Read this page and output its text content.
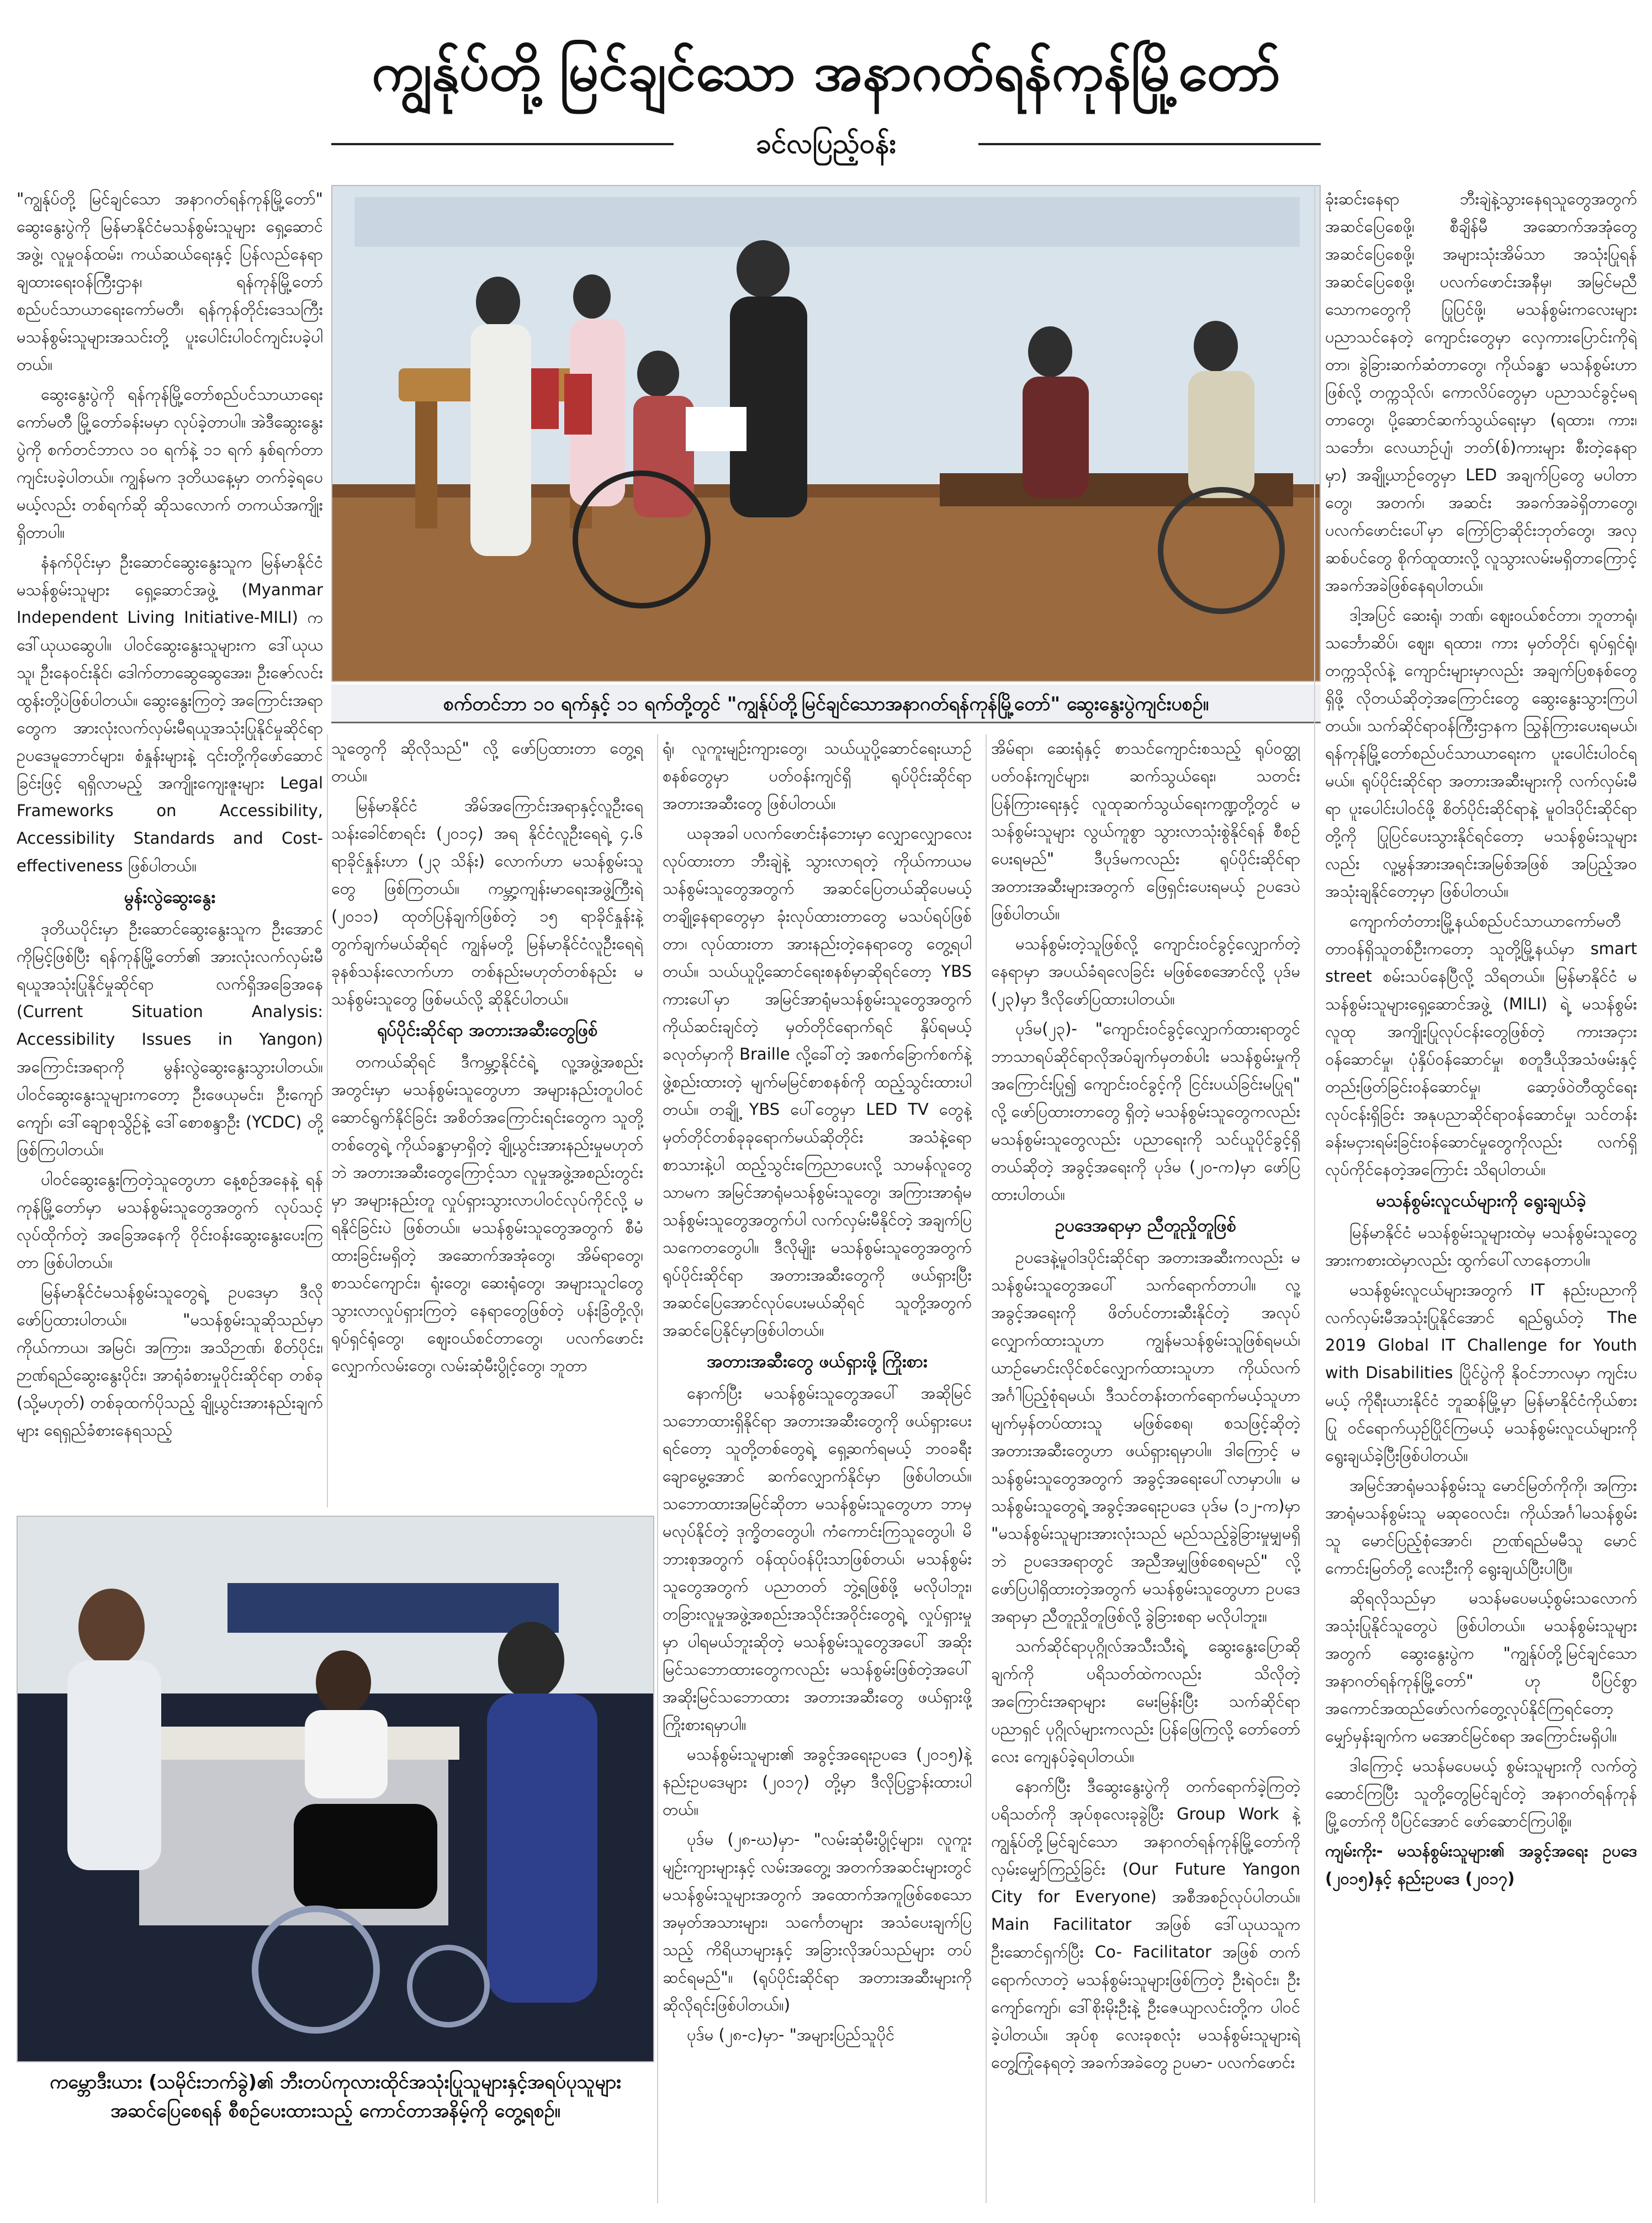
ကျွန်ုပ်တို့ မြင်ချင်သော အနာဂတ်ရန်ကုန်မြို့တော်
ခင်လပြည့်ဝန်း
စက်တင်ဘာ ၁၀ ရက်နှင့် ၁၁ ရက်တို့တွင် "ကျွန်ုပ်တို့မြင်ချင်သောအနာဂတ်ရန်ကုန်မြို့တော်" ဆွေးနွေးပွဲကျင်းပစဉ်။
ကမ္ဘောဒီးယား (သမိုင်းဘက်ခွဲ)၏ ဘီးတပ်ကုလားထိုင်အသုံးပြုသူများနှင့်အရပ်ပုသူများ အဆင်ပြေစေရန် စီစဉ်ပေးထားသည့် ကောင်တာအနိမ့်ကို တွေ့ရစဉ်။

"ကျွန်ုပ်တို့ မြင်ချင်သော အနာဂတ်ရန်ကုန်မြို့တော်" ဆွေးနွေးပွဲကို မြန်မာနိုင်ငံမသန်စွမ်းသူများ ရှေ့ဆောင်အဖွဲ့၊ လူမှုဝန်ထမ်း၊ ကယ်ဆယ်ရေးနှင့် ပြန်လည်နေရာချထားရေးဝန်ကြီးဌာန၊ ရန်ကုန်မြို့တော် စည်ပင်သာယာရေးကော်မတီ၊ ရန်ကုန်တိုင်းဒေသကြီး မသန်စွမ်းသူများအသင်းတို့ ပူးပေါင်းပါဝင်ကျင်းပခဲ့ပါတယ်။

ဆွေးနွေးပွဲကို ရန်ကုန်မြို့တော်စည်ပင်သာယာရေးကော်မတီ မြို့တော်ခန်းမမှာ လုပ်ခဲ့တာပါ။ အဲဒီဆွေးနွေးပွဲကို စက်တင်ဘာလ ၁၀ ရက်နဲ့ ၁၁ ရက် နှစ်ရက်တာ ကျင်းပခဲ့ပါတယ်။ ကျွန်မက ဒုတိယနေ့မှာ တက်ခဲ့ရပေမယ့်လည်း တစ်ရက်ဆို ဆိုသလောက် တကယ်အကျိုးရှိတာပါ။

နံနက်ပိုင်းမှာ ဦးဆောင်ဆွေးနွေးသူက မြန်မာနိုင်ငံမသန်စွမ်းသူများ ရှေ့ဆောင်အဖွဲ့ (Myanmar Independent Living Initiative-MILI) က ဒေါ်ယုယဆွေပါ။ ပါဝင်ဆွေးနွေးသူများက ဒေါ်ယုယသူ၊ ဦးနေဝင်းနိုင်၊ ဒေါက်တာဆွေဆွေအေး၊ ဦးဇော်လင်းထွန်းတို့ပဲဖြစ်ပါတယ်။ ဆွေးနွေးကြတဲ့ အကြောင်းအရာတွေက အားလုံးလက်လှမ်းမီရယူအသုံးပြုနိုင်မှုဆိုင်ရာ ဥပဒေမူဘောင်များ၊ စံနှုန်းများနဲ့ ၎င်းတို့ကိုဖော်ဆောင်ခြင်းဖြင့် ရရှိလာမည့် အကျိုးကျေးဇူးများ Legal Frameworks on Accessibility, Accessibility Standards and Cost- effectiveness ဖြစ်ပါတယ်။

မွန်းလွဲဆွေးနွေး

ဒုတိယပိုင်းမှာ ဦးဆောင်ဆွေးနွေးသူက ဦးအောင်ကိုမြင့်ဖြစ်ပြီး ရန်ကုန်မြို့တော်၏ အားလုံးလက်လှမ်းမီရယူအသုံးပြုနိုင်မှုဆိုင်ရာ လက်ရှိအခြေအနေ (Current Situation Analysis: Accessibility Issues in Yangon) အကြောင်းအရာကို မွန်းလွဲဆွေးနွေးသွားပါတယ်။ ပါဝင်ဆွေးနွေးသူများကတော့ ဦးဖေယုမင်း၊ ဦးကျော်ကျော်၊ ဒေါ်ချောစုသွိဉ်နဲ့ ဒေါ်စောစန္ဒာဦး (YCDC) တို့ ဖြစ်ကြပါတယ်။

ပါဝင်ဆွေးနွေးကြတဲ့သူတွေဟာ နေ့စဉ်အနေနဲ့ ရန်ကုန်မြို့တော်မှာ မသန်စွမ်းသူတွေအတွက် လုပ်သင့်လုပ်ထိုက်တဲ့ အခြေအနေကို ဝိုင်းဝန်းဆွေးနွေးပေးကြတာ ဖြစ်ပါတယ်။

မြန်မာနိုင်ငံမသန်စွမ်းသူတွေရဲ့ ဥပဒေမှာ ဒီလိုဖော်ပြထားပါတယ်။ "မသန်စွမ်းသူဆိုသည်မှာ ကိုယ်ကာယ၊ အမြင်၊ အကြား၊ အသိဉာဏ်၊ စိတ်ပိုင်း၊ ဉာဏ်ရည်ဆွေးနွေးပိုင်း၊ အာရုံခံစားမှုပိုင်းဆိုင်ရာ တစ်ခု (သို့မဟုတ်) တစ်ခုထက်ပိုသည့် ချို့ယွင်းအားနည်းချက်များ ရေရှည်ခံစားနေရသည့်

သူတွေကို ဆိုလိုသည်" လို့ ဖော်ပြထားတာ တွေ့ရတယ်။

မြန်မာနိုင်ငံ အိမ်အကြောင်းအရာနှင့်လူဦးရေ သန်းခေါင်စာရင်း (၂၀၁၄) အရ နိုင်ငံလူဦးရေရဲ့ ၄.၆ ရာခိုင်နှုန်းဟာ (၂၃ သိန်း) လောက်ဟာ မသန်စွမ်းသူတွေ ဖြစ်ကြတယ်။ ကမ္ဘာ့ကျန်းမာရေးအဖွဲ့ကြီးရဲ့ (၂၀၁၁) ထုတ်ပြန်ချက်ဖြစ်တဲ့ ၁၅ ရာခိုင်နှုန်းနဲ့ တွက်ချက်မယ်ဆိုရင် ကျွန်မတို့ မြန်မာနိုင်ငံလူဦးရေရဲ့ ခုနစ်သန်းလောက်ဟာ တစ်နည်းမဟုတ်တစ်နည်း မသန်စွမ်းသူတွေ ဖြစ်မယ်လို့ ဆိုနိုင်ပါတယ်။

ရုပ်ပိုင်းဆိုင်ရာ အတားအဆီးတွေဖြစ်

တကယ်ဆိုရင် ဒီကမ္ဘာ့နိုင်ငံရဲ့ လူ့အဖွဲ့အစည်းအတွင်းမှာ မသန်စွမ်းသူတွေဟာ အများနည်းတူပါဝင်ဆောင်ရွက်နိုင်ခြင်း အစိတ်အကြောင်းရင်းတွေက သူတို့တစ်တွေရဲ့ ကိုယ်ခန္ဓာမှာရှိတဲ့ ချို့ယွင်းအားနည်းမှုမဟုတ်ဘဲ အတားအဆီးတွေကြောင့်သာ လူမှုအဖွဲ့အစည်းတွင်းမှာ အများနည်းတူ လှုပ်ရှားသွားလာပါဝင်လုပ်ကိုင်လို့ မရနိုင်ခြင်းပဲ ဖြစ်တယ်။ မသန်စွမ်းသူတွေအတွက် စီမံထားခြင်းမရှိတဲ့ အဆောက်အအုံတွေ၊ အိမ်ရာတွေ၊ စာသင်ကျောင်း၊ ရုံးတွေ၊ ဆေးရုံတွေ၊ အများသူငါတွေ သွားလာလှုပ်ရှားကြတဲ့ နေရာတွေဖြစ်တဲ့ ပန်းခြံတို့လို၊ ရုပ်ရှင်ရုံတွေ၊ ဈေးဝယ်စင်တာတွေ၊ ပလက်ဖောင်းလျှောက်လမ်းတွေ၊ လမ်းဆုံမီးပွိုင့်တွေ၊ ဘူတာ

ရုံ၊ လူကူးမျဉ်းကျားတွေ၊ သယ်ယူပို့ဆောင်ရေးယာဉ်စနစ်တွေမှာ ပတ်ဝန်းကျင်ရှိ ရုပ်ပိုင်းဆိုင်ရာ အတားအဆီးတွေ ဖြစ်ပါတယ်။

ယခုအခါ ပလက်ဖောင်းနံဘေးမှာ လျှောလျှောလေးလုပ်ထားတာ ဘီးချဲနဲ့ သွားလာရတဲ့ ကိုယ်ကာယမသန်စွမ်းသူတွေအတွက် အဆင်ပြေတယ်ဆိုပေမယ့် တချို့နေရာတွေမှာ ခုံးလုပ်ထားတာတွေ မသပ်ရပ်ဖြစ်တာ၊ လုပ်ထားတာ အားနည်းတဲ့နေရာတွေ တွေ့ရပါတယ်။ သယ်ယူပို့ဆောင်ရေးစနစ်မှာဆိုရင်တော့ YBS ကားပေါ်မှာ အမြင်အာရုံမသန်စွမ်းသူတွေအတွက် ကိုယ်ဆင်းချင်တဲ့ မှတ်တိုင်ရောက်ရင် နှိပ်ရမယ့် ခလုတ်မှာကို Braille လို့ခေါ်တဲ့ အစက်ခြောက်စက်နဲ့ ဖွဲ့စည်းထားတဲ့ မျက်မမြင်စာစနစ်ကို ထည့်သွင်းထားပါတယ်။ တချို့ YBS ပေါ်တွေမှာ LED TV တွေနဲ့ မှတ်တိုင်တစ်ခုခုရောက်မယ်ဆိုတိုင်း အသံနဲ့ရော စာသားနဲ့ပါ ထည့်သွင်းကြေညာပေးလို့ သာမန်လူတွေသာမက အမြင်အာရုံမသန်စွမ်းသူတွေ၊ အကြားအာရုံမသန်စွမ်းသူတွေအတွက်ပါ လက်လှမ်းမီနိုင်တဲ့ အချက်ပြသကေတတွေပါ။ ဒီလိုမျိုး မသန်စွမ်းသူတွေအတွက် ရုပ်ပိုင်းဆိုင်ရာ အတားအဆီးတွေကို ဖယ်ရှားပြီး အဆင်ပြေအောင်လုပ်ပေးမယ်ဆိုရင် သူတို့အတွက် အဆင်ပြေနိုင်မှာဖြစ်ပါတယ်။

အတားအဆီးတွေ ဖယ်ရှားဖို့ ကြိုးစား

နောက်ပြီး မသန်စွမ်းသူတွေအပေါ် အဆိုမြင်သဘောထားရှိနိုင်ရာ အတားအဆီးတွေကို ဖယ်ရှားပေးရင်တော့ သူတို့တစ်တွေရဲ့ ရှေ့ဆက်ရမယ့် ဘဝခရီး ချောမွေ့အောင် ဆက်လျှောက်နိုင်မှာ ဖြစ်ပါတယ်။ သဘောထားအမြင်ဆိုတာ မသန်စွမ်းသူတွေဟာ ဘာမှမလုပ်နိုင်တဲ့ ဒုက္ခိတတွေပါ၊ ကံကောင်းကြသူတွေပါ၊ မိဘားစုအတွက် ဝန်ထုပ်ဝန်ပိုးသာဖြစ်တယ်၊ မသန်စွမ်းသူတွေအတွက် ပညာတတ် ဘွဲ့ရဖြစ်ဖို့ မလိုပါဘူး၊ တခြားလူမှုအဖွဲ့အစည်းအသိုင်းအဝိုင်းတွေရဲ့ လှုပ်ရှားမှုမှာ ပါရမယ်ဘူးဆိုတဲ့ မသန်စွမ်းသူတွေအပေါ် အဆိုးမြင်သဘောထားတွေကလည်း မသန်စွမ်းဖြစ်တဲ့အပေါ် အဆိုးမြင်သဘောထား အတားအဆီးတွေ ဖယ်ရှားဖို့ ကြိုးစားရမှာပါ။

မသန်စွမ်းသူများ၏ အခွင့်အရေးဥပဒေ (၂၀၁၅)နဲ့ နည်းဥပဒေများ (၂၀၁၇) တို့မှာ ဒီလိုပြဋ္ဌာန်းထားပါတယ်။

ပုဒ်မ (၂၈-ဃ)မှာ- "လမ်းဆုံမီးပွိုင့်များ၊ လူကူးမျဉ်းကျားများနှင့် လမ်းအတွေ့၊ အတက်အဆင်းများတွင် မသန်စွမ်းသူများအတွက် အထောက်အကူဖြစ်စေသော အမှတ်အသားများ၊ သင်္ကေတများ အသံပေးချက်ပြသည့် ကိရိယာများနှင့် အခြားလိုအပ်သည်များ တပ်ဆင်ရမည်"။ (ရုပ်ပိုင်းဆိုင်ရာ အတားအဆီးများကို ဆိုလိုရင်းဖြစ်ပါတယ်။)

ပုဒ်မ (၂၈-င)မှာ- "အများပြည်သူပိုင်

အိမ်ရာ၊ ဆေးရုံနှင့် စာသင်ကျောင်းစသည့် ရုပ်ဝတ္ထုပတ်ဝန်းကျင်များ၊ ဆက်သွယ်ရေး၊ သတင်းပြန်ကြားရေးနှင့် လူထုဆက်သွယ်ရေးကဏ္ဍတို့တွင် မသန်စွမ်းသူများ လွယ်ကူစွာ သွားလာသုံးစွဲနိုင်ရန် စီစဉ်ပေးရမည်" ဒီပုဒ်မကလည်း ရုပ်ပိုင်းဆိုင်ရာ အတားအဆီးများအတွက် ဖြေရှင်းပေးရမယ့် ဥပဒေပဲဖြစ်ပါတယ်။

မသန်စွမ်းတဲ့သူဖြစ်လို့ ကျောင်းဝင်ခွင့်လျှောက်တဲ့နေရာမှာ အပယ်ခံရလေခြင်း မဖြစ်စေအောင်လို့ ပုဒ်မ (၂၃)မှာ ဒီလိုဖော်ပြထားပါတယ်။

ပုဒ်မ(၂၃)- "ကျောင်းဝင်ခွင့်လျှောက်ထားရာတွင် ဘာသာရပ်ဆိုင်ရာလိုအပ်ချက်မှတစ်ပါး မသန်စွမ်းမှုကို အကြောင်းပြု၍ ကျောင်းဝင်ခွင့်ကို ငြင်းပယ်ခြင်းမပြုရ" လို့ ဖော်ပြထားတာတွေ ရှိတဲ့ မသန်စွမ်းသူတွေကလည်း မသန်စွမ်းသူတွေလည်း ပညာရေးကို သင်ယူပိုင်ခွင့်ရှိတယ်ဆိုတဲ့ အခွင့်အရေးကို ပုဒ်မ (၂၀-က)မှာ ဖော်ပြထားပါတယ်။

ဥပဒေအရာမှာ ညီတူညှိုတူဖြစ်

ဥပဒေနဲ့မူဝါဒပိုင်းဆိုင်ရာ အတားအဆီးကလည်း မသန်စွမ်းသူတွေအပေါ် သက်ရောက်တာပါ။ လူ့အခွင့်အရေးကို ဖိတ်ပင်တားဆီးနိုင်တဲ့ အလုပ်လျှောက်ထားသူဟာ ကျွန်မသန်စွမ်းသူဖြစ်ရမယ်၊ ယာဉ်မောင်းလိုင်စင်လျှောက်ထားသူဟာ ကိုယ်လက်အင်္ဂါပြည့်စုံရမယ်၊ ဒီသင်တန်းတက်ရောက်မယ့်သူဟာ မျက်မှန်တပ်ထားသူ မဖြစ်စေရ၊ စသဖြင့်ဆိုတဲ့ အတားအဆီးတွေဟာ ဖယ်ရှားရမှာပါ။ ဒါကြောင့် မသန်စွမ်းသူတွေအတွက် အခွင့်အရေးပေါ်လာမှာပါ။ မသန်စွမ်းသူတွေရဲ့ အခွင့်အရေးဥပဒေ ပုဒ်မ (၁၂-က)မှာ "မသန်စွမ်းသူများအားလုံးသည် မည်သည့်ခွဲခြားမှုမျှမရှိဘဲ ဥပဒေအရာတွင် အညီအမျှဖြစ်စေရမည်" လို့ ဖော်ပြပါရှိထားတဲ့အတွက် မသန်စွမ်းသူတွေဟာ ဥပဒေအရာမှာ ညီတူညှိုတူဖြစ်လို့ ခွဲခြားစရာ မလိုပါဘူး။

သက်ဆိုင်ရာပုဂ္ဂိုလ်အသီးသီးရဲ့ ဆွေးနွေးပြောဆိုချက်ကို ပရိသတ်ထဲကလည်း သိလိုတဲ့ အကြောင်းအရာများ မေးမြန်းပြီး သက်ဆိုင်ရာ ပညာရှင် ပုဂ္ဂိုလ်များကလည်း ပြန်ဖြေကြလို့ တော်တော်လေး ကျေနပ်ခဲ့ရပါတယ်။

နောက်ပြီး ဒီဆွေးနွေးပွဲကို တက်ရောက်ခဲ့ကြတဲ့ ပရိသတ်ကို အုပ်စုလေးခုခွဲပြီး Group Work နဲ့ ကျွန်ုပ်တို့မြင်ချင်သော အနာဂတ်ရန်ကုန်မြို့တော်ကို လှမ်းမျှော်ကြည့်ခြင်း (Our Future Yangon City for Everyone) အစီအစဉ်လုပ်ပါတယ်။ Main Facilitator အဖြစ် ဒေါ်ယုယသူက ဦးဆောင်ရှက်ပြီး Co- Facilitator အဖြစ် တက်ရောက်လာတဲ့ မသန်စွမ်းသူများဖြစ်ကြတဲ့ ဦးရဲဝင်း၊ ဦးကျော်ကျော်၊ ဒေါ်စိုးမိုးဦးနဲ့ ဦးဇေယျာလင်းတို့က ပါဝင်ခဲ့ပါတယ်။ အုပ်စု လေးခုစလုံး မသန်စွမ်းသူများရဲ့ တွေ့ကြုံနေရတဲ့ အခက်အခဲတွေ ဥပမာ- ပလက်ဖောင်း

ခုံးဆင်းနေရာ ဘီးချဲနဲ့သွားနေရသူတွေအတွက် အဆင်ပြေစေဖို့၊ စီချိန်မီ အဆောက်အအုံတွေ အဆင်ပြေစေဖို့၊ အများသုံးအိမ်သာ အသုံးပြုရန် အဆင်ပြေစေဖို့၊ ပလက်ဖောင်းအနီမှ၊ အမြင်မညီသောကတွေကို ပြုပြင်ဖို့၊ မသန်စွမ်းကလေးများ ပညာသင်နေတဲ့ ကျောင်းတွေမှာ လှေကားပြောင်းကိုရဲ့ တာ၊ ခွဲခြားဆက်ဆံတာတွေ၊ ကိုယ်ခန္ဓာ မသန်စွမ်းဟာဖြစ်လို့ တက္ကသိုလ်၊ ကောလိပ်တွေမှာ ပညာသင်ခွင့်မရတာတွေ၊ ပို့ဆောင်ဆက်သွယ်ရေးမှာ (ရထား၊ ကား၊ သင်္ဘော၊ လေယာဉ်ပျံ၊ ဘတ်(စ်)ကားများ စီးတဲ့နေရာမှာ) အချို့ယာဉ်တွေမှာ LED အချက်ပြတွေ မပါတာတွေ၊ အတက်၊ အဆင်း အခက်အခဲရှိတာတွေ၊ ပလက်ဖောင်းပေါ်မှာ ကြော်ငြာဆိုင်းဘုတ်တွေ၊ အလှဆစ်ပင်တွေ စိုက်ထူထားလို့ လူသွားလမ်းမရှိတာကြောင့် အခက်အခဲဖြစ်နေရပါတယ်။

ဒါ့အပြင် ဆေးရုံ၊ ဘဏ်၊ ဈေးဝယ်စင်တာ၊ ဘူတာရုံ၊ သင်္ဘောဆိပ်၊ ဈေး၊ ရထား၊ ကား မှတ်တိုင်၊ ရုပ်ရှင်ရုံ၊ တက္ကသိုလ်နဲ့ ကျောင်းများမှာလည်း အချက်ပြစနစ်တွေရှိဖို့ လိုတယ်ဆိုတဲ့အကြောင်းတွေ ဆွေးနွေးသွားကြပါတယ်။ သက်ဆိုင်ရာဝန်ကြီးဌာနက ဩွန်ကြားပေးရမယ်၊ ရန်ကုန်မြို့တော်စည်ပင်သာယာရေးက ပူးပေါင်းပါဝင်ရမယ်။ ရုပ်ပိုင်းဆိုင်ရာ အတားအဆီးများကို လက်လှမ်းမီရာ ပူးပေါင်းပါဝင်ဖို့ စိတ်ပိုင်းဆိုင်ရာနဲ့ မူဝါဒပိုင်းဆိုင်ရာတို့ကို ပြုပြင်ပေးသွားနိုင်ရင်တော့ မသန်စွမ်းသူများလည်း လူ့မွန်အားအရင်းအမြစ်အဖြစ် အပြည့်အဝအသုံးချနိုင်တော့မှာ ဖြစ်ပါတယ်။

ကျောက်တံတားမြို့နယ်စည်ပင်သာယာကော်မတီ တာဝန်ရှိသူတစ်ဦးကတော့ သူတို့မြို့နယ်မှာ smart street စမ်းသပ်နေပြီလို့ သိရတယ်။ မြန်မာနိုင်ငံ မသန်စွမ်းသူများရှေ့ဆောင်အဖွဲ့ (MILI) ရဲ့ မသန်စွမ်းလူထု အကျိုးပြုလုပ်ငန်းတွေဖြစ်တဲ့ ကားအငှားဝန်ဆောင်မှု၊ ပုံနှိပ်ဝန်ဆောင်မှု၊ စတူဒီယိုအသံဖမ်းနှင့် တည်းဖြတ်ခြင်းဝန်ဆောင်မှု၊ ဆော့ဖ်ဝဲတီထွင်ရေးလုပ်ငန်းရှိခြင်း အနုပညာဆိုင်ရာဝန်ဆောင်မှု၊ သင်တန်းခန်းမငှားရမ်းခြင်းဝန်ဆောင်မှုတွေကိုလည်း လက်ရှိလုပ်ကိုင်နေတဲ့အကြောင်း သိရပါတယ်။

မသန်စွမ်းလူငယ်များကို ရွေးချယ်ခဲ့

မြန်မာနိုင်ငံ မသန်စွမ်းသူများထဲမှ မသန်စွမ်းသူတွေ အားကစားထဲမှာလည်း ထွက်ပေါ်လာနေတာပါ။

မသန်စွမ်းလူငယ်များအတွက် IT နည်းပညာကို လက်လှမ်းမီအသုံးပြုနိုင်အောင် ရည်ရွယ်တဲ့ The 2019 Global IT Challenge for Youth with Disabilities ပြိုင်ပွဲကို နိုဝင်ဘာလမှာ ကျင်းပမယ့် ကိုရီးယားနိုင်ငံ ဘူဆန်မြို့မှာ မြန်မာနိုင်ငံကိုယ်စားပြု ဝင်ရောက်ယှဉ်ပြိုင်ကြမယ့် မသန်စွမ်းလူငယ်များကို ရွေးချယ်ခဲ့ပြီးဖြစ်ပါတယ်။

အမြင်အာရုံမသန်စွမ်းသူ မောင်မြတ်ကိုကို၊ အကြားအာရုံမသန်စွမ်းသူ မဆုဝေလင်း၊ ကိုယ်အင်္ဂါမသန်စွမ်းသူ မောင်ပြည့်စုံအောင်၊ ဉာဏ်ရည်မမီသူ မောင်ကောင်းမြတ်တို့ လေးဦးကို ရွေးချယ်ပြီးပါပြီ။

ဆိုရလိုသည်မှာ မသန်မပေမယ့်စွမ်းသလောက် အသုံးပြုနိုင်သူတွေပဲ ဖြစ်ပါတယ်။ မသန်စွမ်းသူများအတွက် ဆွေးနွေးပွဲက "ကျွန်ုပ်တို့မြင်ချင်သော အနာဂတ်ရန်ကုန်မြို့တော်" ဟု ပီပြင်စွာ အကောင်အထည်ဖော်လက်တွေ့လုပ်နိုင်ကြရင်တော့ မျှော်မှန်းချက်က မအောင်မြင်စရာ အကြောင်းမရှိပါ။

ဒါကြောင့် မသန်မပေမယ့် စွမ်းသူများကို လက်တွဲဆောင်ကြပြီး သူတို့တွေမြင်ချင်တဲ့ အနာဂတ်ရန်ကုန်မြို့တော်ကို ပီပြင်အောင် ဖော်ဆောင်ကြပါစို့။

ကျမ်းကိုး- မသန်စွမ်းသူများ၏ အခွင့်အရေး ဥပဒေ (၂၀၁၅)နှင့် နည်းဥပဒေ (၂၀၁၇)
